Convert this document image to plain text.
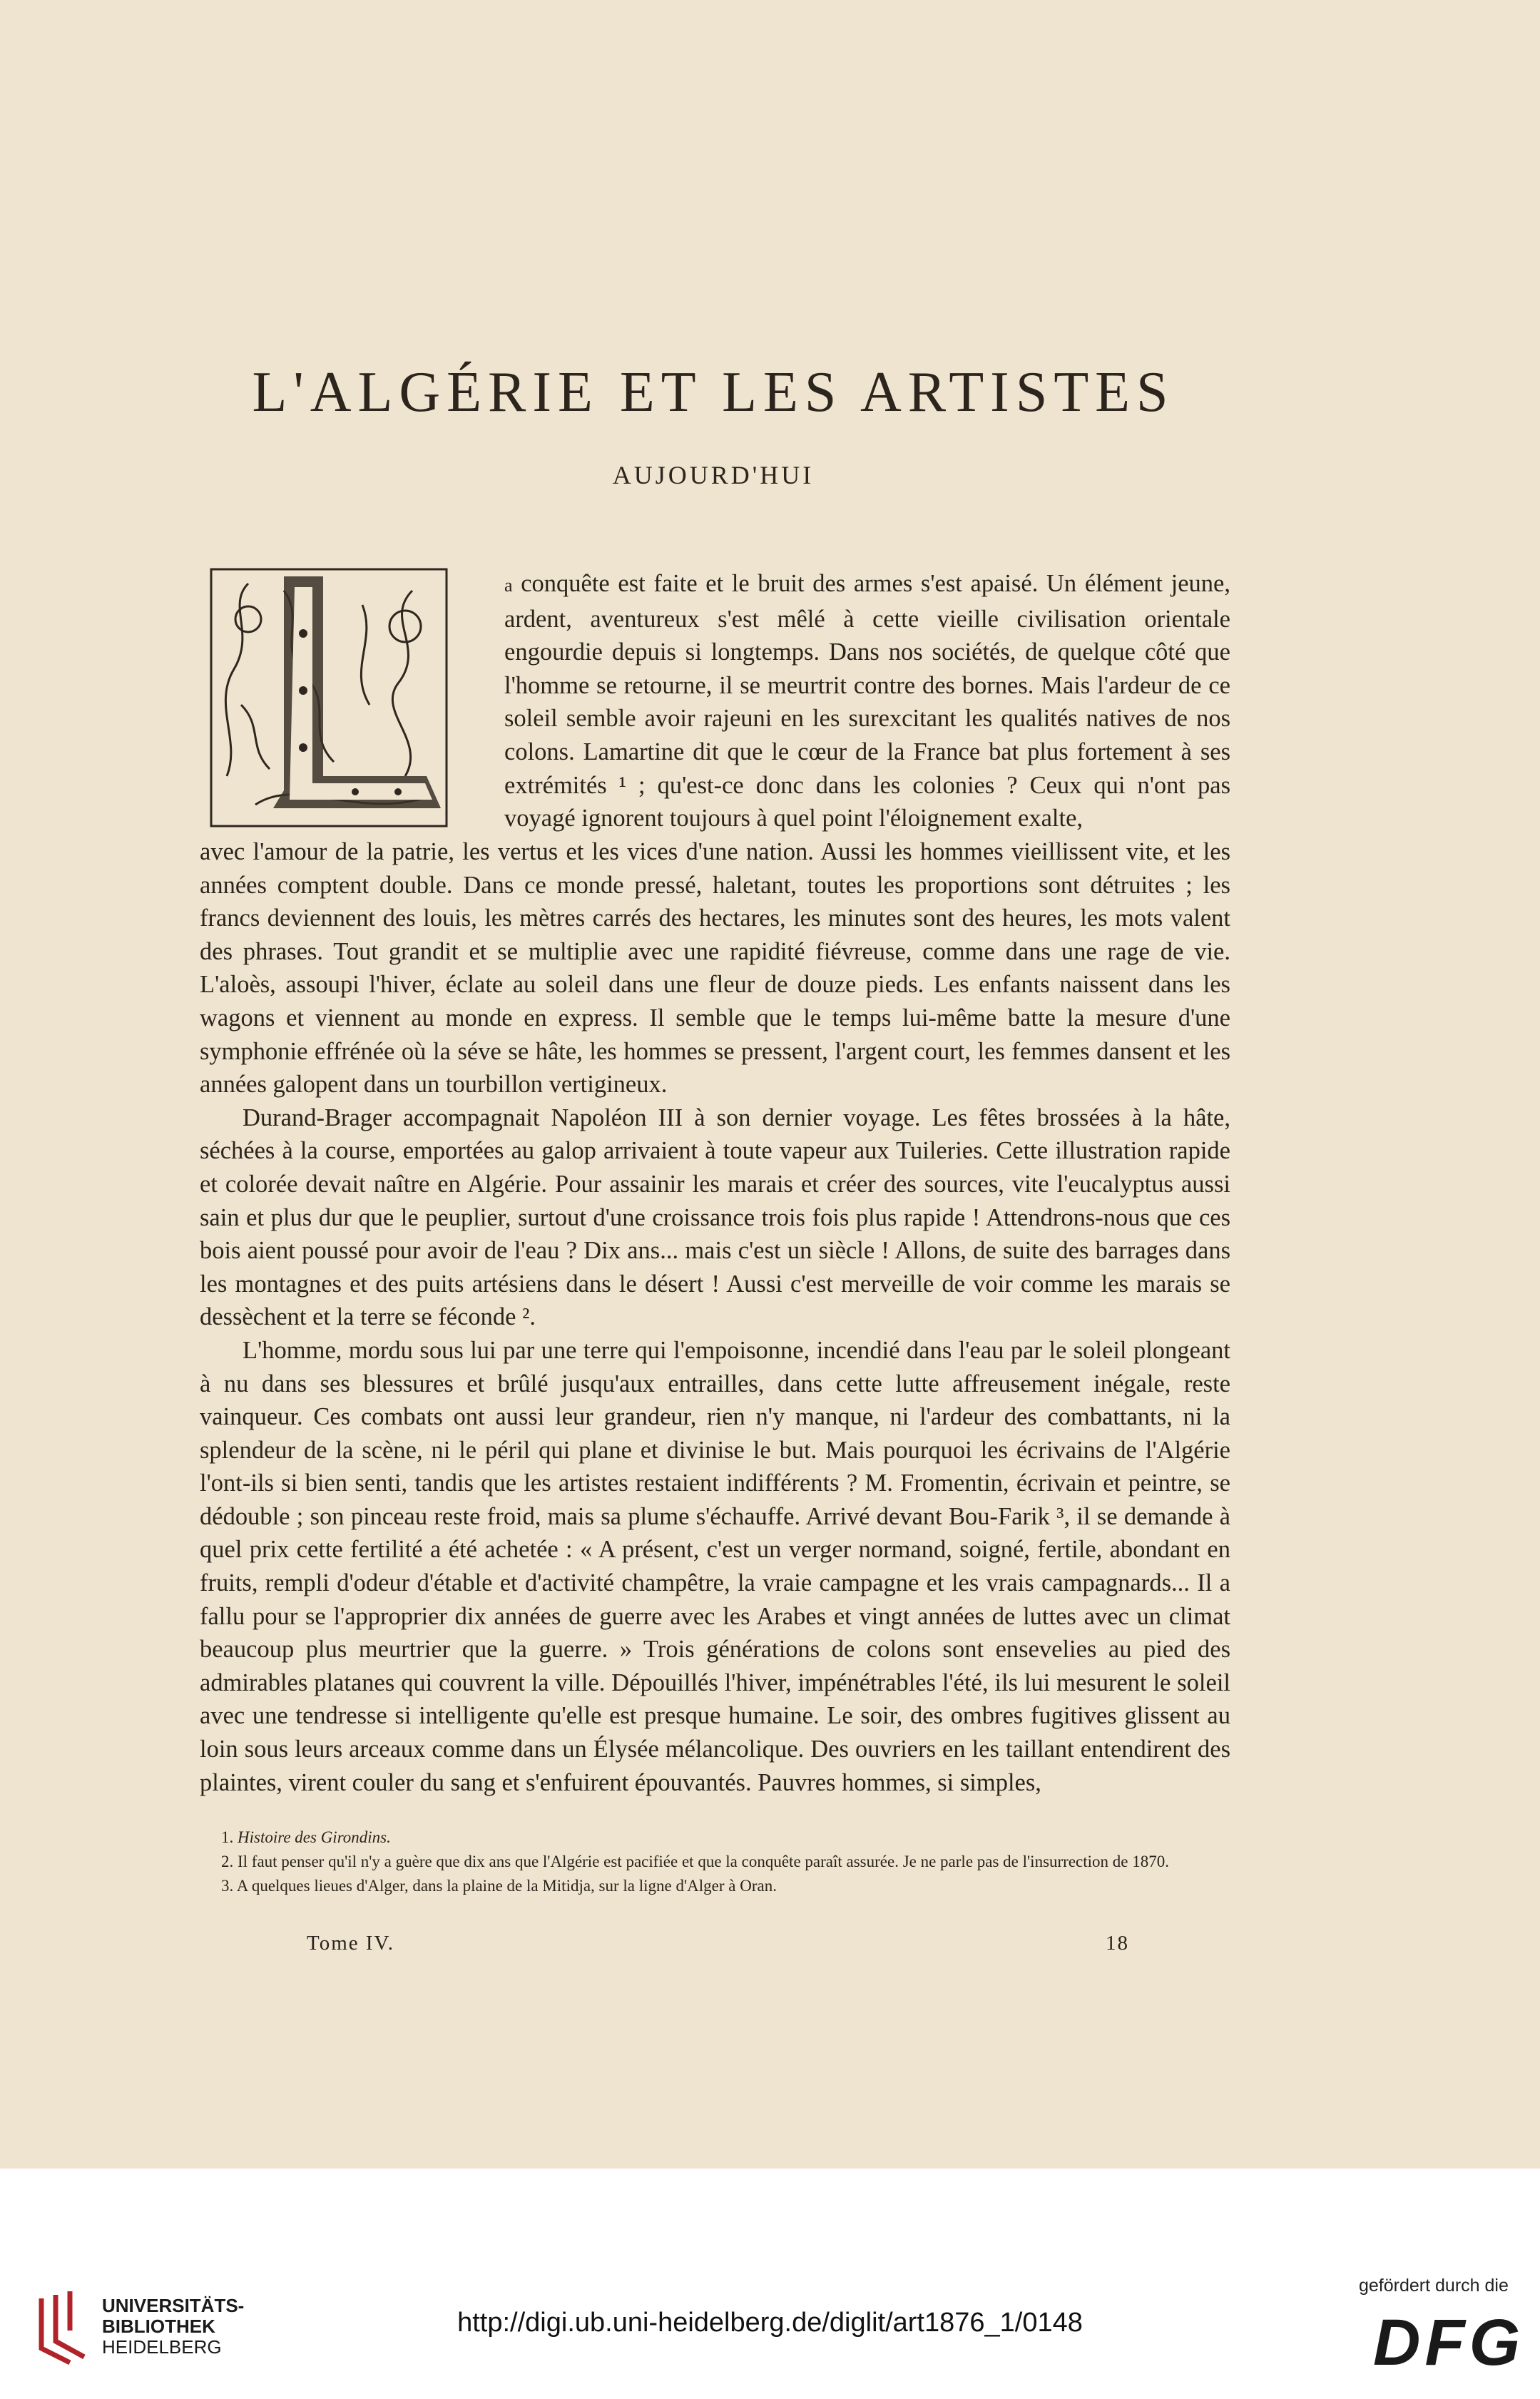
L'ALGÉRIE ET LES ARTISTES
AUJOURD'HUI
a conquête est faite et le bruit des armes s'est apaisé. Un élément jeune, ardent, aventureux s'est mêlé à cette vieille civilisation orientale engourdie depuis si longtemps. Dans nos sociétés, de quelque côté que l'homme se retourne, il se meurtrit contre des bornes. Mais l'ardeur de ce soleil semble avoir rajeuni en les surexcitant les qualités natives de nos colons. Lamartine dit que le cœur de la France bat plus fortement à ses extrémités ¹ ; qu'est-ce donc dans les colonies ? Ceux qui n'ont pas voyagé ignorent toujours à quel point l'éloignement exalte,

avec l'amour de la patrie, les vertus et les vices d'une nation. Aussi les hommes vieillissent vite, et les années comptent double. Dans ce monde pressé, haletant, toutes les proportions sont détruites ; les francs deviennent des louis, les mètres carrés des hectares, les minutes sont des heures, les mots valent des phrases. Tout grandit et se multiplie avec une rapidité fiévreuse, comme dans une rage de vie. L'aloès, assoupi l'hiver, éclate au soleil dans une fleur de douze pieds. Les enfants naissent dans les wagons et viennent au monde en express. Il semble que le temps lui-même batte la mesure d'une symphonie effrénée où la séve se hâte, les hommes se pressent, l'argent court, les femmes dansent et les années galopent dans un tourbillon vertigineux.

Durand-Brager accompagnait Napoléon III à son dernier voyage. Les fêtes brossées à la hâte, séchées à la course, emportées au galop arrivaient à toute vapeur aux Tuileries. Cette illustration rapide et colorée devait naître en Algérie. Pour assainir les marais et créer des sources, vite l'eucalyptus aussi sain et plus dur que le peuplier, surtout d'une croissance trois fois plus rapide ! Attendrons-nous que ces bois aient poussé pour avoir de l'eau ? Dix ans... mais c'est un siècle ! Allons, de suite des barrages dans les montagnes et des puits artésiens dans le désert ! Aussi c'est merveille de voir comme les marais se dessèchent et la terre se féconde ².

L'homme, mordu sous lui par une terre qui l'empoisonne, incendié dans l'eau par le soleil plongeant à nu dans ses blessures et brûlé jusqu'aux entrailles, dans cette lutte affreusement inégale, reste vainqueur. Ces combats ont aussi leur grandeur, rien n'y manque, ni l'ardeur des combattants, ni la splendeur de la scène, ni le péril qui plane et divinise le but. Mais pourquoi les écrivains de l'Algérie l'ont-ils si bien senti, tandis que les artistes restaient indifférents ? M. Fromentin, écrivain et peintre, se dédouble ; son pinceau reste froid, mais sa plume s'échauffe. Arrivé devant Bou-Farik ³, il se demande à quel prix cette fertilité a été achetée : « A présent, c'est un verger normand, soigné, fertile, abondant en fruits, rempli d'odeur d'étable et d'activité champêtre, la vraie campagne et les vrais campagnards... Il a fallu pour se l'approprier dix années de guerre avec les Arabes et vingt années de luttes avec un climat beaucoup plus meurtrier que la guerre. » Trois générations de colons sont ensevelies au pied des admirables platanes qui couvrent la ville. Dépouillés l'hiver, impénétrables l'été, ils lui mesurent le soleil avec une tendresse si intelligente qu'elle est presque humaine. Le soir, des ombres fugitives glissent au loin sous leurs arceaux comme dans un Élysée mélancolique. Des ouvriers en les taillant entendirent des plaintes, virent couler du sang et s'enfuirent épouvantés. Pauvres hommes, si simples,

1. Histoire des Girondins.

2. Il faut penser qu'il n'y a guère que dix ans que l'Algérie est pacifiée et que la conquête paraît assurée. Je ne parle pas de l'insurrection de 1870.

3. A quelques lieues d'Alger, dans la plaine de la Mitidja, sur la ligne d'Alger à Oran.

Tome IV.	18
UNIVERSITÄTS-
BIBLIOTHEK
HEIDELBERG
http://digi.ub.uni-heidelberg.de/diglit/art1876_1/0148
gefördert durch die
DFG
